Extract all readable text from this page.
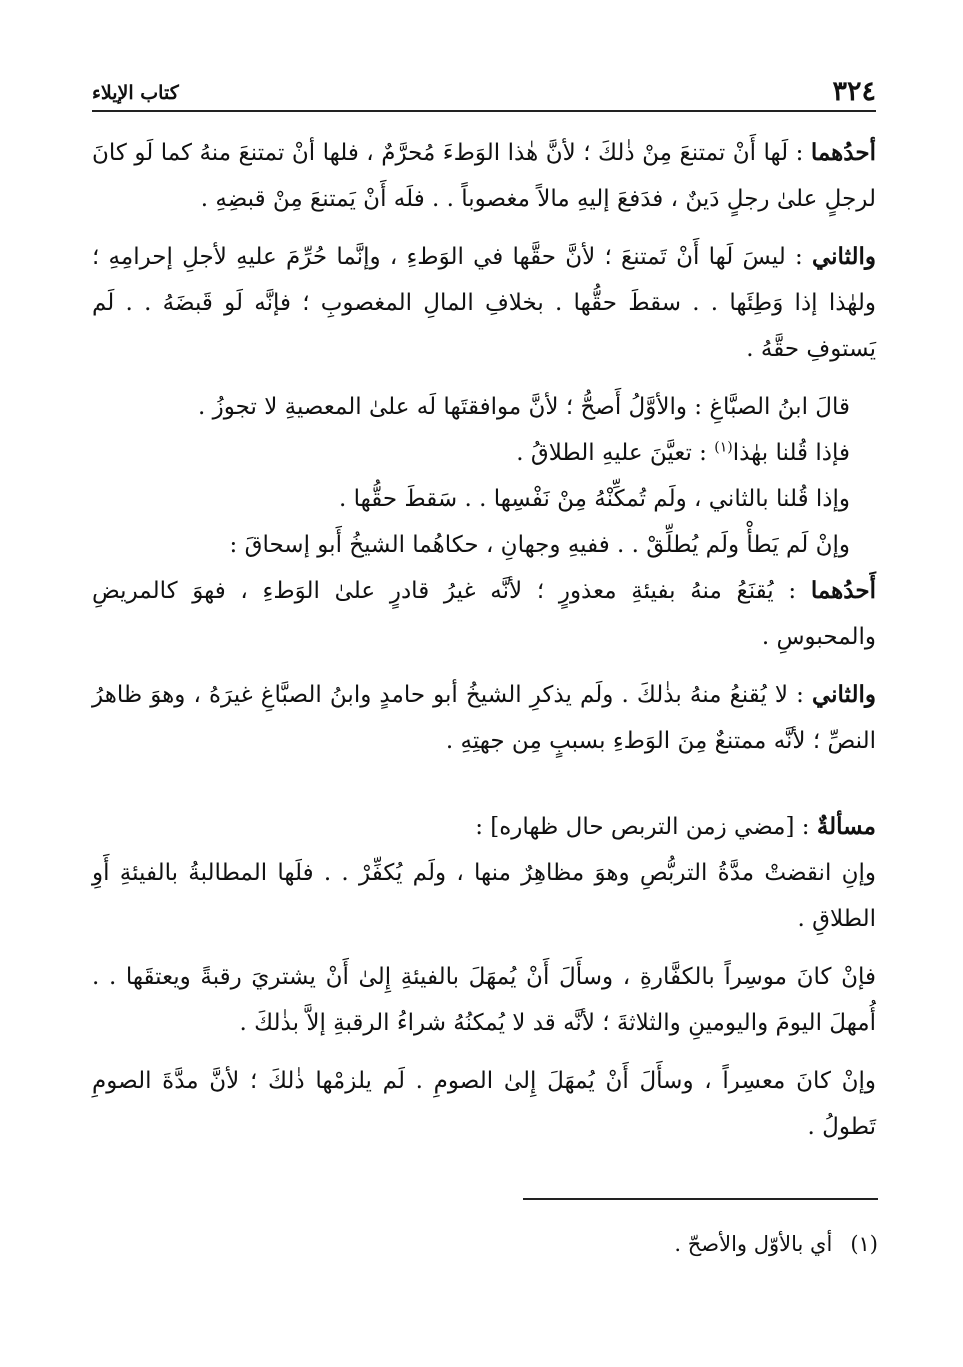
٣٢٤
كتاب الإيلاء

أحدُهما : لَها أَنْ تمتنعَ مِنْ ذٰلكَ ؛ لأنَّ هٰذا الوَطءَ مُحرَّمٌ ، فلها أنْ تمتنعَ منهُ كما لَو كانَ لرجلٍ علىٰ رجلٍ دَينٌ ، فدَفعَ إليهِ مالاً مغصوباً . . فلَه أَنْ يَمتنعَ مِنْ قبضِهِ .

والثاني : ليسَ لَها أَنْ تَمتنعَ ؛ لأنَّ حقَّها في الوَطءِ ، وإنَّما حُرِّمَ عليهِ لأجلِ إحرامِهِ ؛ ولهٰذا إذا وَطِئَها . . سقطَ حقُّها . بخلافِ المالِ المغصوبِ ؛ فإنَّه لَو قَبضَهُ . . لَم يَستوفِ حقَّهُ .

قالَ ابنُ الصبَّاغِ : والأوَّلُ أَصحُّ ؛ لأنَّ موافقتَها لَه علىٰ المعصيةِ لا تجوزُ .

فإذا قُلنا بهٰذا$^{(١)}$ : تعيَّنَ عليهِ الطلاقُ .

وإذا قُلنا بالثاني ، ولَم تُمكِّنْهُ مِنْ نَفْسِها . . سَقطَ حقُّها .

وإنْ لَم يَطأْ ولَم يُطلِّقْ . . ففيهِ وجهانِ ، حكاهُما الشيخُ أَبو إسحاقَ :

أَحدُهما : يُقنَعُ منهُ بفيئةِ معذورٍ ؛ لأنَّه غيرُ قادرٍ علىٰ الوَطءِ ، فهوَ كالمريضِ والمحبوسِ .

والثاني : لا يُقنعُ منهُ بذٰلكَ . ولَم يذكرِ الشيخُ أبو حامدٍ وابنُ الصبَّاغِ غيرَهُ ، وهوَ ظاهرُ النصِّ ؛ لأنَّه ممتنعٌ مِنَ الوَطءِ بسببٍ مِن جهتِهِ .

مسألةٌ : [مضي زمن التربص حال ظهاره] :

وإنِ انقضتْ مدَّةُ التربُّصِ وهوَ مظاهِرٌ منها ، ولَم يُكفِّرْ . . فلَها المطالبةُ بالفيئةِ أَوِ الطلاقِ .

فإنْ كانَ موسِراً بالكفَّارةِ ، وسأَلَ أَنْ يُمهَلَ بالفيئةِ إِلىٰ أَنْ يشتريَ رقبةً ويعتقَها . . أُمهلَ اليومَ واليومينِ والثلاثةَ ؛ لأنَّه قد لا يُمكنُهُ شراءُ الرقبةِ إلاَّ بذٰلكَ .

وإنْ كانَ معسِراً ، وسأَلَ أَنْ يُمهَلَ إِلىٰ الصومِ . لَم يلزمْها ذٰلكَ ؛ لأنَّ مدَّةَ الصومِ تَطولُ .

(١)أي بالأوّل والأصحّ .
